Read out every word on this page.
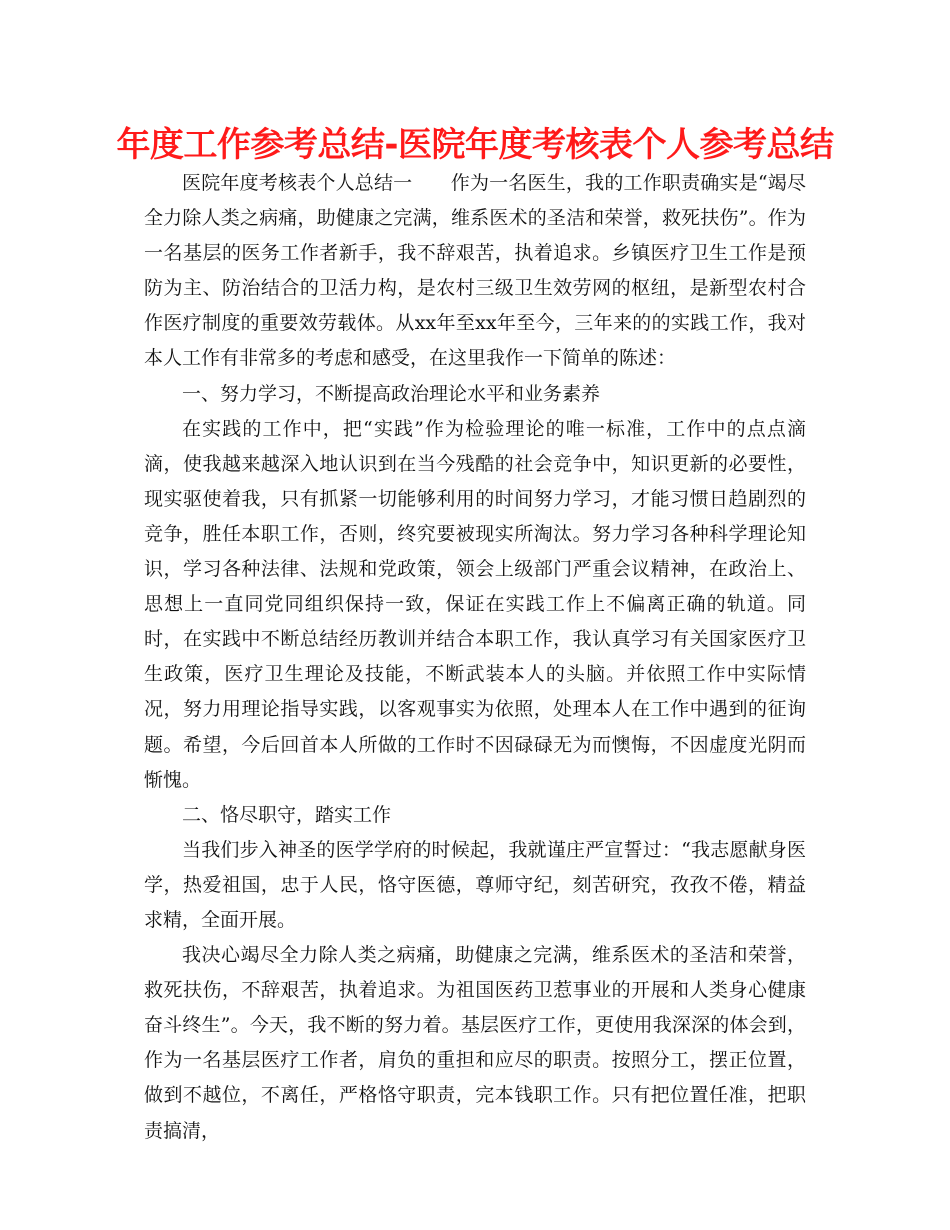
年度工作参考总结-医院年度考核表个人参考总结

医院年度考核表个人总结一　　作为一名医生，我的工作职责确实是“竭尽全力除人类之病痛，助健康之完满，维系医术的圣洁和荣誉，救死扶伤”。作为一名基层的医务工作者新手，我不辞艰苦，执着追求。乡镇医疗卫生工作是预防为主、防治结合的卫活力构，是农村三级卫生效劳网的枢纽，是新型农村合作医疗制度的重要效劳载体。从xx年至xx年至今，三年来的的实践工作，我对本人工作有非常多的考虑和感受，在这里我作一下简单的陈述：

一、努力学习，不断提高政治理论水平和业务素养

在实践的工作中，把“实践”作为检验理论的唯一标准，工作中的点点滴滴，使我越来越深入地认识到在当今残酷的社会竞争中，知识更新的必要性，现实驱使着我，只有抓紧一切能够利用的时间努力学习，才能习惯日趋剧烈的竞争，胜任本职工作，否则，终究要被现实所淘汰。努力学习各种科学理论知识，学习各种法律、法规和党政策，领会上级部门严重会议精神，在政治上、思想上一直同党同组织保持一致，保证在实践工作上不偏离正确的轨道。同时，在实践中不断总结经历教训并结合本职工作，我认真学习有关国家医疗卫生政策，医疗卫生理论及技能，不断武装本人的头脑。并依照工作中实际情况，努力用理论指导实践，以客观事实为依照，处理本人在工作中遇到的征询题。希望，今后回首本人所做的工作时不因碌碌无为而懊悔，不因虚度光阴而惭愧。

二、恪尽职守，踏实工作

当我们步入神圣的医学学府的时候起，我就谨庄严宣誓过：“我志愿献身医学，热爱祖国，忠于人民，恪守医德，尊师守纪，刻苦研究，孜孜不倦，精益求精，全面开展。

我决心竭尽全力除人类之病痛，助健康之完满，维系医术的圣洁和荣誉，救死扶伤，不辞艰苦，执着追求。为祖国医药卫惹事业的开展和人类身心健康奋斗终生”。今天，我不断的努力着。基层医疗工作，更使用我深深的体会到，作为一名基层医疗工作者，肩负的重担和应尽的职责。按照分工，摆正位置，做到不越位，不离任，严格恪守职责，完本钱职工作。只有把位置任准，把职责搞清，
